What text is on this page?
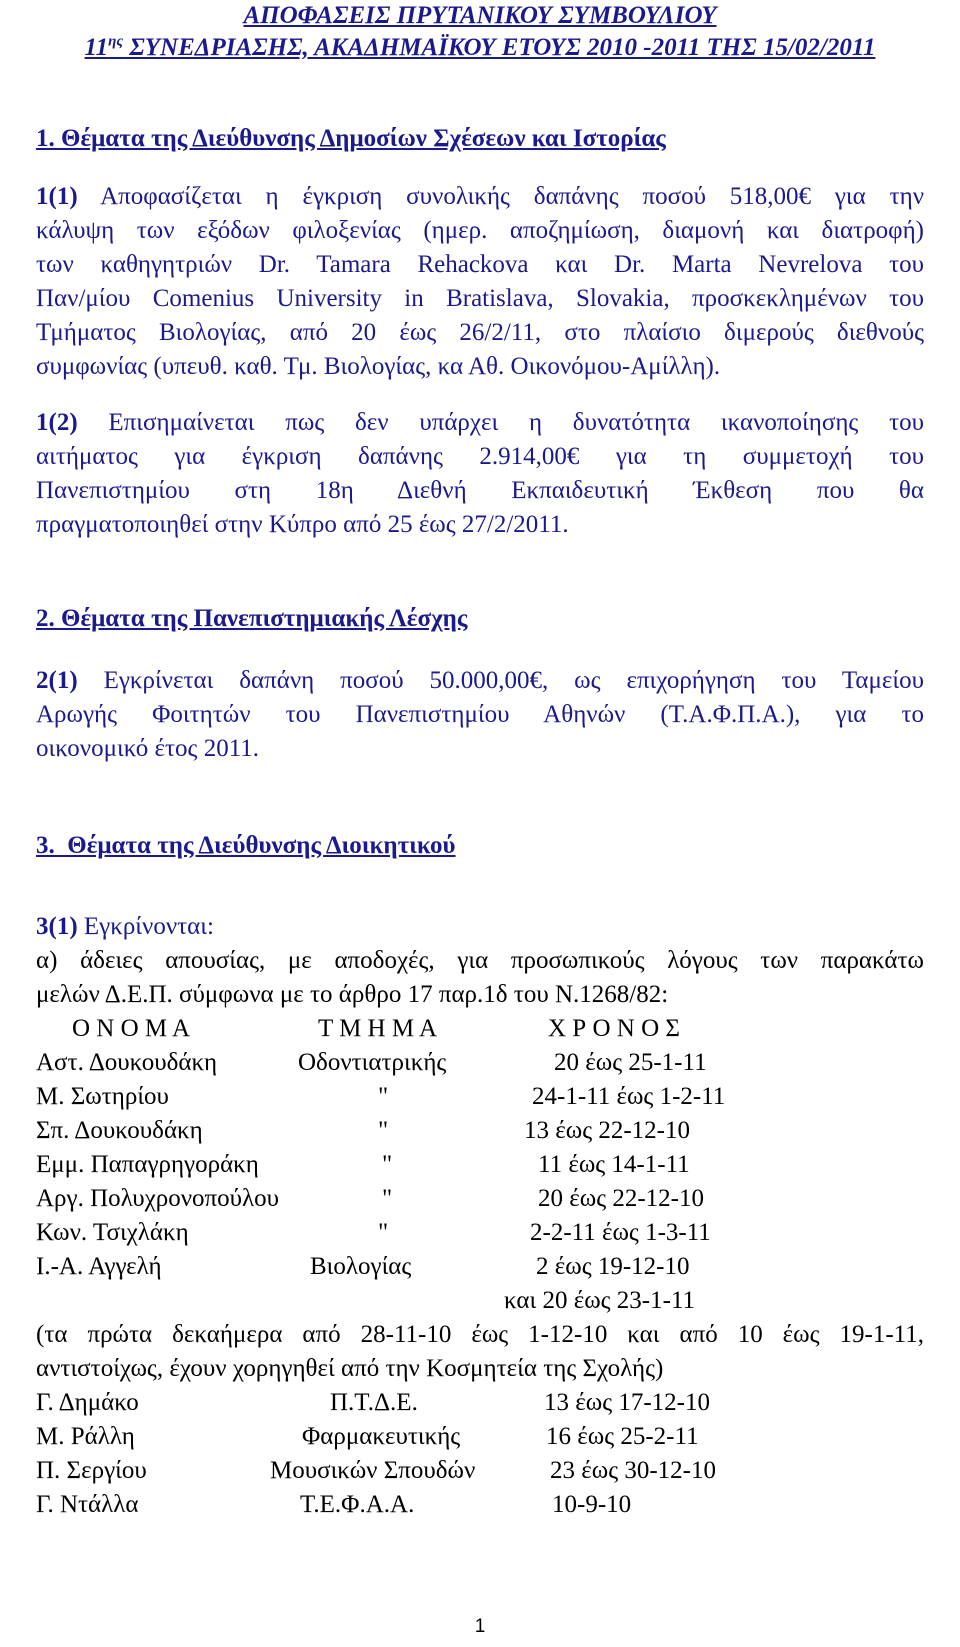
ΑΠΟΦΑΣΕΙΣ ΠΡΥΤΑΝΙΚΟΥ ΣΥΜΒΟΥΛΙΟΥ
$11^{\eta\varsigma}$ ΣΥΝΕΔΡΙΑΣΗΣ, ΑΚΑΔΗΜΑΪΚΟΥ ΕΤΟΥΣ 2010 -2011 ΤΗΣ 15/02/2011
1. Θέματα της Διεύθυνσης Δημοσίων Σχέσεων και Ιστορίας
1(1) Αποφασίζεται η έγκριση συνολικής δαπάνης ποσού 518,00€ για την
κάλυψη των εξόδων φιλοξενίας (ημερ. αποζημίωση, διαμονή και διατροφή)
των καθηγητριών Dr. Tamara Rehackova και Dr. Marta Nevrelova του
Παν/μίου Comenius University in Bratislava, Slovakia, προσκεκλημένων του
Τμήματος Βιολογίας, από 20 έως 26/2/11, στο πλαίσιο διμερούς διεθνούς
συμφωνίας (υπευθ. καθ. Τμ. Βιολογίας, κα Αθ. Οικονόμου-Αμίλλη).
1(2) Επισημαίνεται πως δεν υπάρχει η δυνατότητα ικανοποίησης του
αιτήματος για έγκριση δαπάνης 2.914,00€ για τη συμμετοχή του
Πανεπιστημίου στη 18η Διεθνή Εκπαιδευτική Έκθεση που θα
πραγματοποιηθεί στην Κύπρο από 25 έως 27/2/2011.
2. Θέματα της Πανεπιστημιακής Λέσχης
2(1) Εγκρίνεται δαπάνη ποσού 50.000,00€, ως επιχορήγηση του Ταμείου
Αρωγής Φοιτητών του Πανεπιστημίου Αθηνών (Τ.Α.Φ.Π.Α.), για το
οικονομικό έτος 2011.
3.  Θέματα της Διεύθυνσης Διοικητικού
3(1) Εγκρίνονται:
α) άδειες απουσίας, με αποδοχές, για προσωπικούς λόγους των παρακάτω
μελών Δ.Ε.Π. σύμφωνα με το άρθρο 17 παρ.1δ του Ν.1268/82:
Ο Ν Ο Μ Α	Τ Μ Η Μ Α	Χ Ρ Ο Ν Ο Σ
Αστ. Δουκουδάκη	Οδοντιατρικής	20 έως 25-1-11
Μ. Σωτηρίου	"	24-1-11 έως 1-2-11
Σπ. Δουκουδάκη	"	13 έως 22-12-10
Εμμ. Παπαγρηγοράκη	"	11 έως 14-1-11
Αργ. Πολυχρονοπούλου	"	20 έως 22-12-10
Κων. Τσιχλάκη	"	2-2-11 έως 1-3-11
Ι.-Α. Αγγελή	Βιολογίας	2 έως 19-12-10
και 20 έως 23-1-11
(τα πρώτα δεκαήμερα από 28-11-10 έως 1-12-10 και από 10 έως 19-1-11,
αντιστοίχως, έχουν χορηγηθεί από την Κοσμητεία της Σχολής)
Γ. Δημάκο	Π.Τ.Δ.Ε.	13 έως 17-12-10
Μ. Ράλλη	Φαρμακευτικής	16 έως 25-2-11
Π. Σεργίου	Μουσικών Σπουδών	23 έως 30-12-10
Γ. Ντάλλα	Τ.Ε.Φ.Α.Α.	10-9-10
1
